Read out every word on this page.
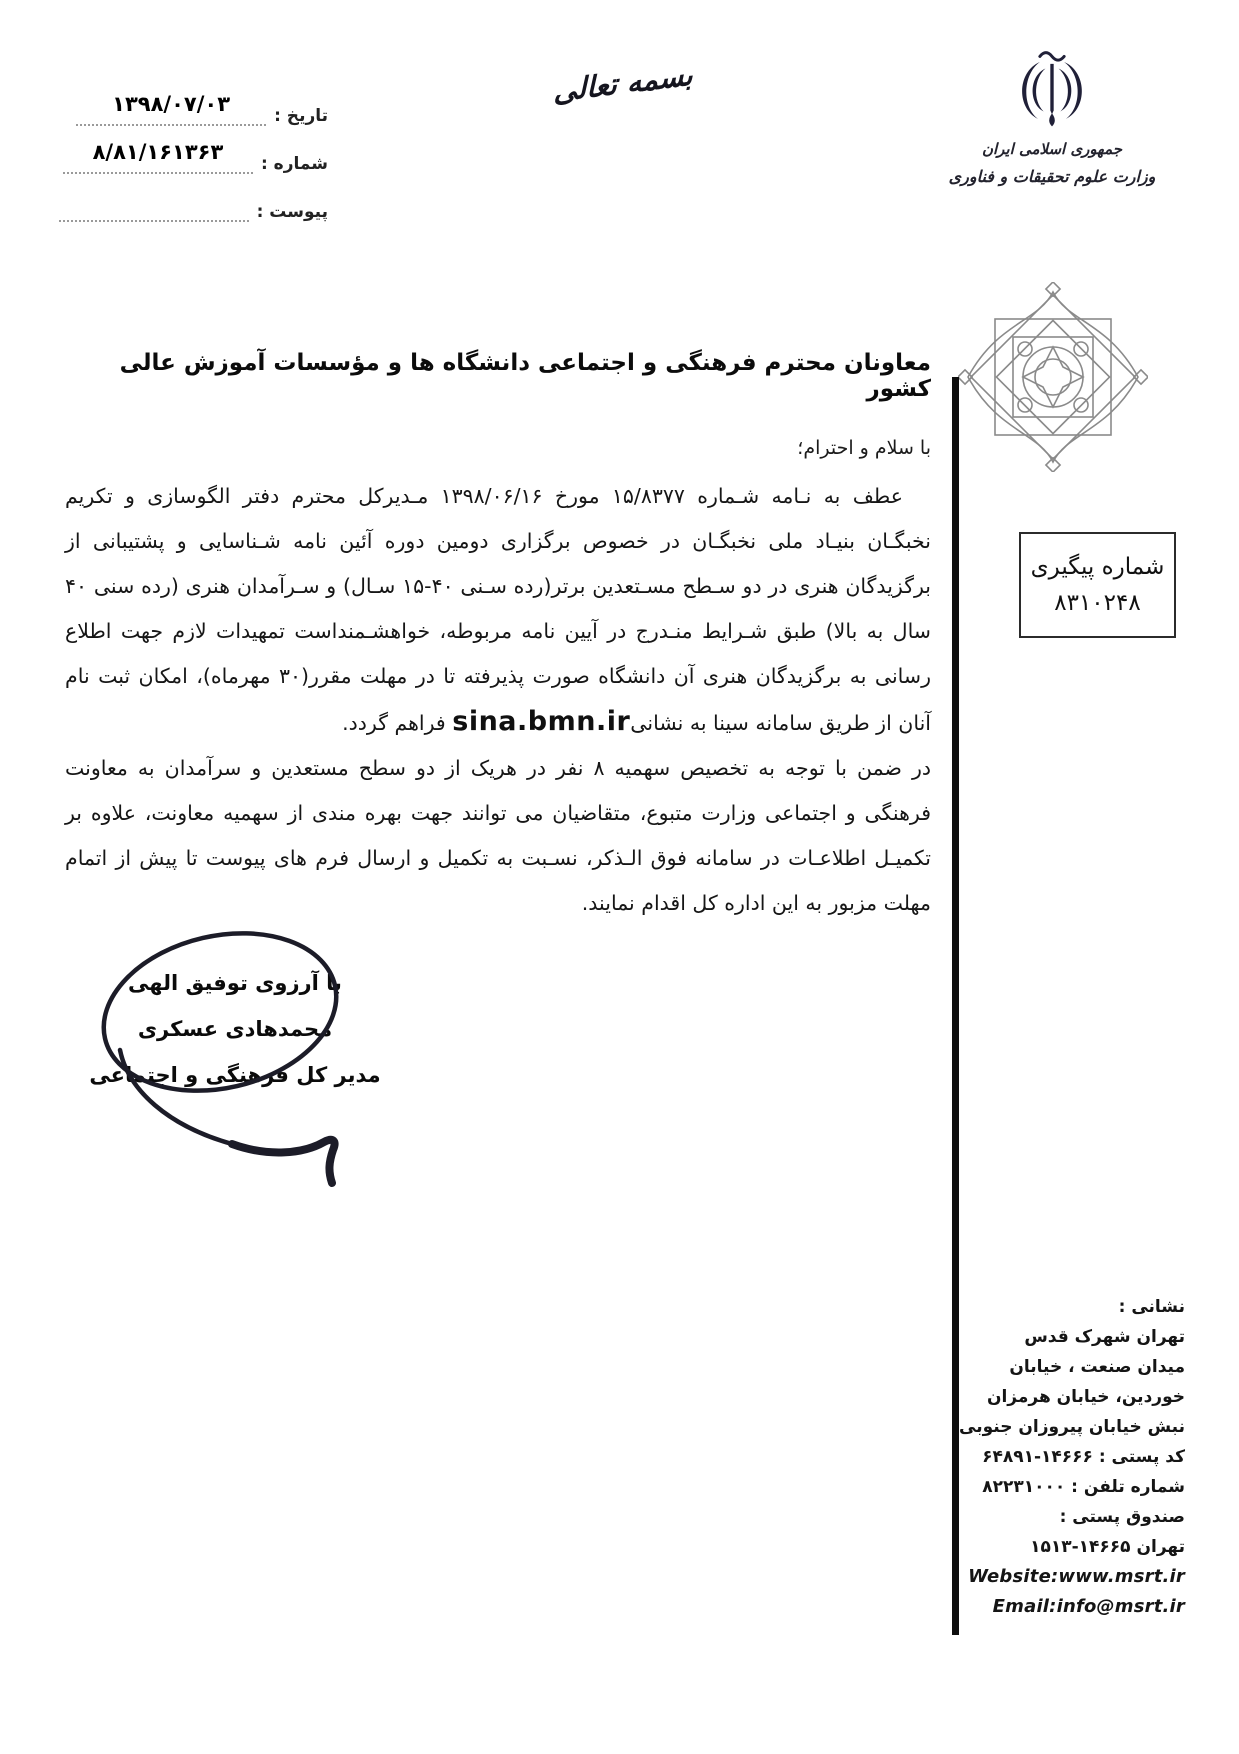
تاریخ :
۱۳۹۸/۰۷/۰۳
شماره :
۸/۸۱/۱۶۱۳۶۳
پیوست :
بسمه تعالی
جمهوری اسلامی ایران
وزارت علوم تحقیقات و فناوری
شماره پیگیری
۸۳۱۰۲۴۸
معاونان محترم فرهنگی و اجتماعی دانشگاه ها و مؤسسات آموزش عالی کشور
با سلام و احترام؛

عطف به نـامه شـماره ۱۵/۸۳۷۷ مورخ ۱۳۹۸/۰۶/۱۶ مـدیرکل محترم دفتر الگوسازی و تکریم نخبگـان بنیـاد ملی نخبگـان در خصوص برگزاری دومین دوره آئین نامه شـناسایی و پشتیبانی از برگزیدگان هنری در دو سـطح مسـتعدین برتر(رده سـنی ۴۰-۱۵ سـال) و سـرآمدان هنری (رده سنی ۴۰ سال به بالا) طبق شـرایط منـدرج در آیین نامه مربوطه، خواهشـمنداست تمهیدات لازم جهت اطلاع رسانی به برگزیدگان هنری آن دانشگاه صورت پذیرفته تا در مهلت مقرر(۳۰ مهرماه)، امکان ثبت نام آنان از طریق سامانه سینا به نشانیsina.bmn.ir فراهم گردد.

در ضمن با توجه به تخصیص سهمیه ۸ نفر در هریک از دو سطح مستعدین و سرآمدان به معاونت فرهنگی و اجتماعی وزارت متبوع، متقاضیان می توانند جهت بهره مندی از سهمیه معاونت، علاوه بر تکمیـل اطلاعـات در سامانه فوق الـذکر، نسـبت به تکمیل و ارسال فرم های پیوست تا پیش از اتمام مهلت مزبور به این اداره کل اقدام نمایند.

با آرزوی توفیق الهی
محمدهادی عسکری
مدیر کل فرهنگی و اجتماعی
نشانی :
تهران شهرک قدس
میدان صنعت ، خیابان
خوردین، خیابان هرمزان
نبش خیابان پیروزان جنوبی
کد پستی : ۱۴۶۶۶-۶۴۸۹۱
شماره تلفن : ۸۲۲۳۱۰۰۰
صندوق پستی :
تهران ۱۴۶۶۵-۱۵۱۳
Website:www.msrt.ir
Email:info@msrt.ir
